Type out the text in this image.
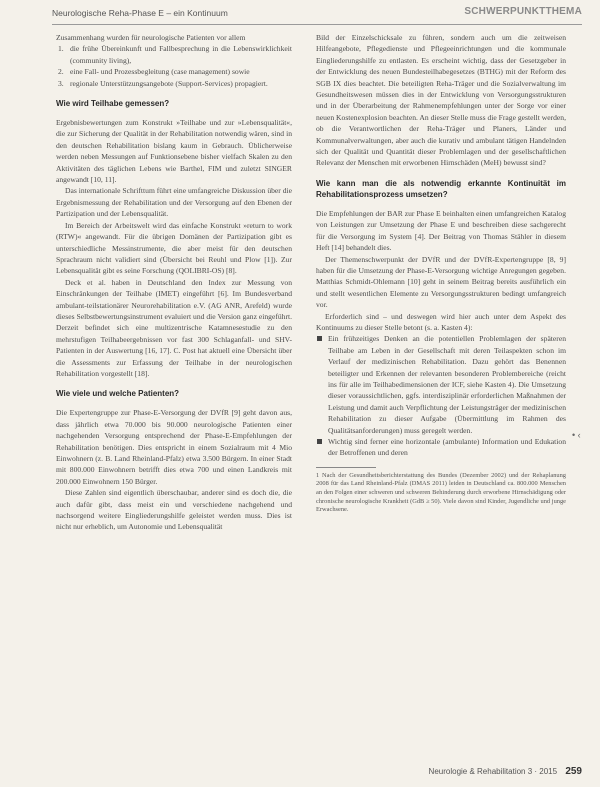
Neurologische Reha-Phase E – ein Kontinuum	SCHWERPUNKTTHEMA

Zusammenhang wurden für neurologische Patienten vor allem

1. die frühe Übereinkunft und Fallbesprechung in die Lebenswirklichkeit (community living),
2. eine Fall- und Prozessbegleitung (case management) sowie
3. regionale Unterstützungsangebote (Support-Services) propagiert.
Wie wird Teilhabe gemessen?

Ergebnisbewertungen zum Konstrukt »Teilhabe und zur »Lebensqualität«, die zur Sicherung der Qualität in der Rehabilitation notwendig wären, sind in den deutschen Rehabilitation bislang kaum in Gebrauch. Üblicherweise werden neben Messungen auf Funktionsebene bisher vielfach Skalen zu den Aktivitäten des täglichen Lebens wie Barthel, FIM und zuletzt SINGER angewandt [10, 11].

Das internationale Schrifttum führt eine umfangreiche Diskussion über die Ergebnismessung der Rehabilitation und der Versorgung auf den Ebenen der Partizipation und der Lebensqualität.

Im Bereich der Arbeitswelt wird das einfache Konstrukt »return to work (RTW)« angewandt. Für die übrigen Domänen der Partizipation gibt es unterschiedliche Messinstrumente, die aber meist für den deutschen Sprachraum nicht validiert sind (Übersicht bei Reuhl und Plow [1]). Zur Lebensqualität gibt es seine Forschung (QOLIBRI-OS) [8].

Deck et al. haben in Deutschland den Index zur Messung von Einschränkungen der Teilhabe (IMET) eingeführt [6]. Im Bundesverband ambulant-teilstationärer Neurorehabilitation e.V. (AG ANR, Arefeld) wurde dieses Selbstbewertungsinstrument evaluiert und die Version ganz eingeführt. Derzeit befindet sich eine multizentrische Katamnesestudie zu den mehrstufigen Teilhabeergebnissen vor fast 300 Schlaganfall- und SHV-Patienten in der Auswertung [16, 17]. C. Post hat aktuell eine Übersicht über die Assessments zur Erfassung der Teilhabe in der neurologischen Rehabilitation vorgestellt [18].

Wie viele und welche Patienten?

Die Expertengruppe zur Phase-E-Versorgung der DVfR [9] geht davon aus, dass jährlich etwa 70.000 bis 90.000 neurologische Patienten einer nachgehenden Versorgung entsprechend der Phase-E-Empfehlungen der Rehabilitation benötigen. Dies entspricht in einem Sozialraum mit 4 Mio Einwohnern (z. B. Land Rheinland-Pfalz) etwa 3.500 Bürgern. In einer Stadt mit 800.000 Einwohnern betrifft dies etwa 700 und einen Landkreis mit 200.000 Einwohnern 150 Bürger.

Diese Zahlen sind eigentlich überschaubar, anderer sind es doch die, die auch dafür gibt, dass meist ein und verschiedene nachgehend und nachsorgend weitere Eingliederungshilfe geleistet werden muss. Dies ist nicht nur erheblich, um Autonomie und Lebensqualität

Bild der Einzelschicksale zu führen, sondern auch um die zeitweisen Hilfeangebote, Pflegedienste und Pflegeeinrichtungen und die kommunale Eingliederungshilfe zu entlasten. Es erscheint wichtig, dass der Gesetzgeber in der Entwicklung des neuen Bundesteilhabegesetzes (BTHG) mit der Reform des SGB IX dies beachtet. Die beteiligten Reha-Träger und die Sozialverwaltung im Gesundheitswesen müssen dies in der Entwicklung von Versorgungsstrukturen und in der Überarbeitung der Rahmenempfehlungen unter der Sorge vor einer neuen Kostenexplosion beachten. An dieser Stelle muss die Frage gestellt werden, ob die Verantwortlichen der Reha-Träger und Planers, Länder und Kommunalverwaltungen, aber auch die kurativ und ambulant tätigen Handelnden sich der Qualität und Quantität dieser Problemlagen und der gesellschaftlichen Relevanz der Menschen mit erworbenen Hirnschäden (MeH) bewusst sind?

Wie kann man die als notwendig erkannte Kontinuität im Rehabilitationsprozess umsetzen?

Die Empfehlungen der BAR zur Phase E beinhalten einen umfangreichen Katalog von Leistungen zur Umsetzung der Phase E und beschreiben diese sachgerecht für die Versorgung im System [4]. Der Beitrag von Thomas Stähler in diesem Heft [14] behandelt dies.

Der Themenschwerpunkt der DVfR und der DVfR-Expertengruppe [8, 9] haben für die Umsetzung der Phase-E-Versorgung wichtige Anregungen gegeben. Matthias Schmidt-Ohlemann [10] geht in seinem Beitrag bereits ausführlich ein und stellt wesentlichen Elemente zu Versorgungsstrukturen bedingt umfangreich vor.

Erforderlich sind – und deswegen wird hier auch unter dem Aspekt des Kontinuums zu dieser Stelle betont (s. a. Kasten 4):

Ein frühzeitiges Denken an die potentiellen Problemlagen der späteren Teilhabe am Leben in der Gesellschaft mit deren Teilaspekten schon im Verlauf der medizinischen Rehabilitation. Dazu gehört das Benennen beteiligter und Erkennen der relevanten besonderen Problembereiche (reicht ins für alle im Teilhabedimensionen der ICF, siehe Kasten 4). Die Umsetzung dieser voraussichtlichen, ggfs. interdisziplinär erforderlichen Maßnahmen der Leistung und damit auch Verpflichtung der Leistungsträger der medizinischen Rehabilitation zu dieser Aufgabe (Übermittlung im Rahmen des Qualitätsanforderungen) muss geregelt werden.
Wichtig sind ferner eine horizontale (ambulante) Information und Edukation der Betroffenen und deren

1 Nach der Gesundheitsberichterstattung des Bundes (Dezember 2002) und der Rehaplanung 2008 für das Land Rheinland-Pfalz (DMAS 2011) leiden in Deutschland ca. 800.000 Menschen an den Folgen einer schweren und schweren Behinderung durch erworbene Hirnschädigung oder chronische neurologische Krankheit (GdB ≥ 50). Viele davon sind Kinder, Jugendliche und junge Erwachsene.

• ‹
Neurologie & Rehabilitation 3 · 2015 259
